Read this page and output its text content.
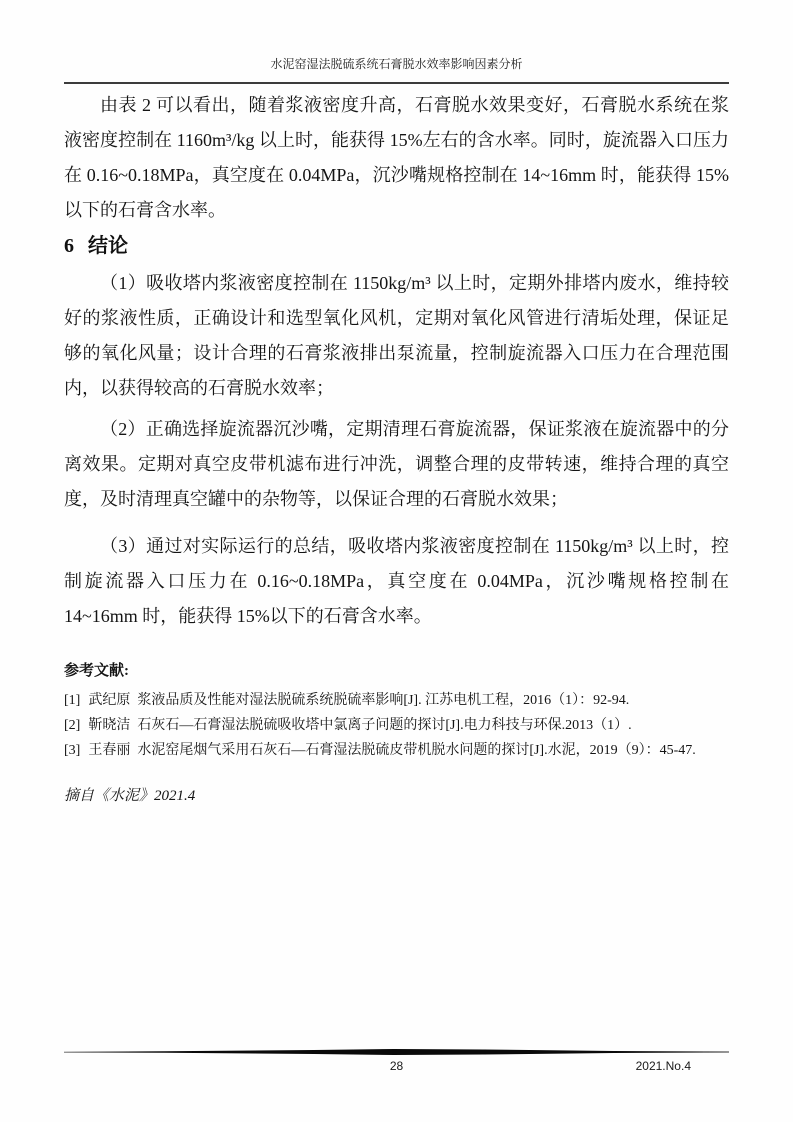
水泥窑湿法脱硫系统石膏脱水效率影响因素分析

由表 2 可以看出，随着浆液密度升高，石膏脱水效果变好，石膏脱水系统在浆液密度控制在 1160m³/kg 以上时，能获得 15%左右的含水率。同时，旋流器入口压力在 0.16~0.18MPa，真空度在 0.04MPa，沉沙嘴规格控制在 14~16mm 时，能获得 15%以下的石膏含水率。

6 结论

（1）吸收塔内浆液密度控制在 1150kg/m³ 以上时，定期外排塔内废水，维持较好的浆液性质，正确设计和选型氧化风机，定期对氧化风管进行清垢处理，保证足够的氧化风量；设计合理的石膏浆液排出泵流量，控制旋流器入口压力在合理范围内，以获得较高的石膏脱水效率；

（2）正确选择旋流器沉沙嘴，定期清理石膏旋流器，保证浆液在旋流器中的分离效果。定期对真空皮带机滤布进行冲洗，调整合理的皮带转速，维持合理的真空度，及时清理真空罐中的杂物等，以保证合理的石膏脱水效果；

（3）通过对实际运行的总结，吸收塔内浆液密度控制在 1150kg/m³ 以上时，控制旋流器入口压力在 0.16~0.18MPa，真空度在 0.04MPa，沉沙嘴规格控制在 14~16mm 时，能获得 15%以下的石膏含水率。

参考文献:
[1] 武纪原  浆液品质及性能对湿法脱硫系统脱硫率影响[J]. 江苏电机工程，2016（1）：92-94.
[2] 靳晓洁  石灰石—石膏湿法脱硫吸收塔中氯离子问题的探讨[J].电力科技与环保.2013（1）.
[3] 王春丽  水泥窑尾烟气采用石灰石—石膏湿法脱硫皮带机脱水问题的探讨[J].水泥，2019（9）：45-47.

摘自《水泥》2021.4

28	2021.No.4
